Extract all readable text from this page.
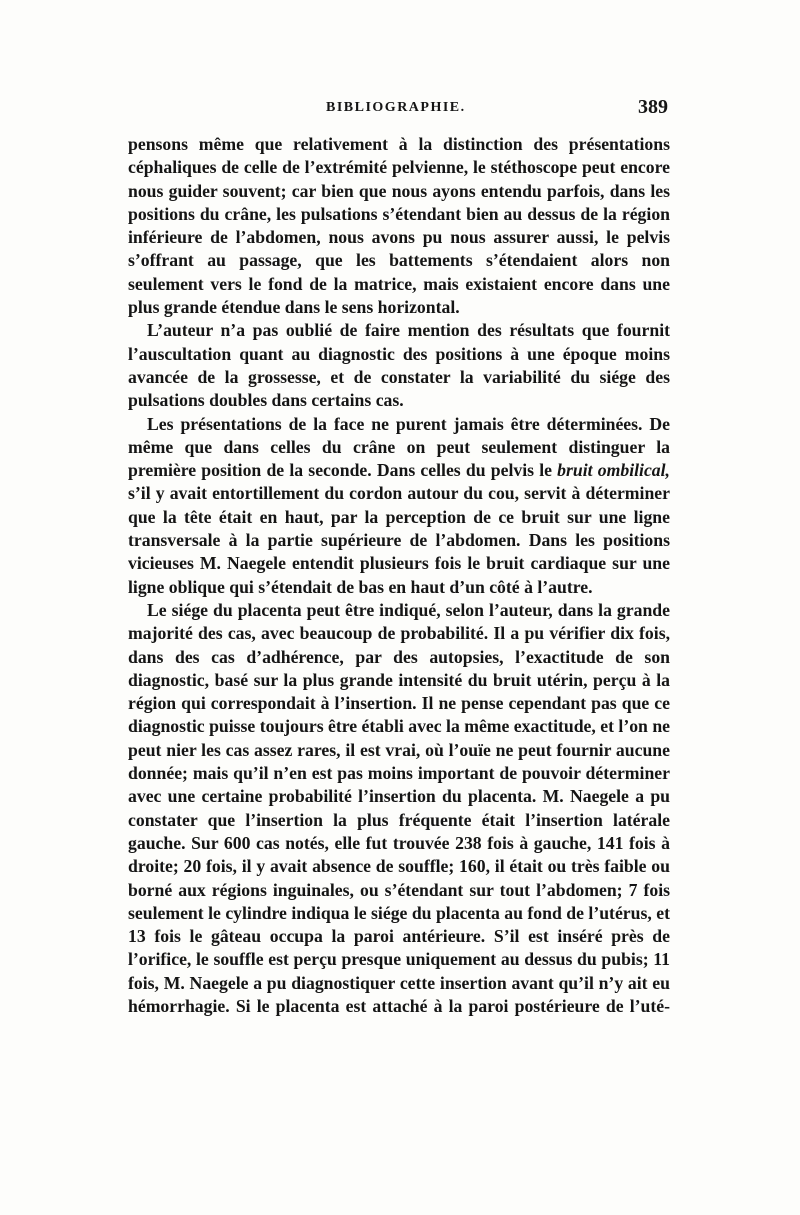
BIBLIOGRAPHIE.	389

pensons même que relativement à la distinction des présentations céphaliques de celle de l’extrémité pelvienne, le stéthoscope peut encore nous guider souvent; car bien que nous ayons entendu parfois, dans les positions du crâne, les pulsations s’étendant bien au dessus de la région inférieure de l’abdomen, nous avons pu nous assurer aussi, le pelvis s’offrant au passage, que les battements s’étendaient alors non seulement vers le fond de la matrice, mais existaient encore dans une plus grande étendue dans le sens horizontal.

L’auteur n’a pas oublié de faire mention des résultats que fournit l’auscultation quant au diagnostic des positions à une époque moins avancée de la grossesse, et de constater la variabilité du siége des pulsations doubles dans certains cas.

Les présentations de la face ne purent jamais être déterminées. De même que dans celles du crâne on peut seulement distinguer la première position de la seconde. Dans celles du pelvis le bruit ombilical, s’il y avait entortillement du cordon autour du cou, servit à déterminer que la tête était en haut, par la perception de ce bruit sur une ligne transversale à la partie supérieure de l’abdomen. Dans les positions vicieuses M. Naegele entendit plusieurs fois le bruit cardiaque sur une ligne oblique qui s’étendait de bas en haut d’un côté à l’autre.

Le siége du placenta peut être indiqué, selon l’auteur, dans la grande majorité des cas, avec beaucoup de probabilité. Il a pu vérifier dix fois, dans des cas d’adhérence, par des autopsies, l’exactitude de son diagnostic, basé sur la plus grande intensité du bruit utérin, perçu à la région qui correspondait à l’insertion. Il ne pense cependant pas que ce diagnostic puisse toujours être établi avec la même exactitude, et l’on ne peut nier les cas assez rares, il est vrai, où l’ouïe ne peut fournir aucune donnée; mais qu’il n’en est pas moins important de pouvoir déterminer avec une certaine probabilité l’insertion du placenta. M. Naegele a pu constater que l’insertion la plus fréquente était l’insertion latérale gauche. Sur 600 cas notés, elle fut trouvée 238 fois à gauche, 141 fois à droite; 20 fois, il y avait absence de souffle; 160, il était ou très faible ou borné aux régions inguinales, ou s’étendant sur tout l’abdomen; 7 fois seulement le cylindre indiqua le siége du placenta au fond de l’utérus, et 13 fois le gâteau occupa la paroi antérieure. S’il est inséré près de l’orifice, le souffle est perçu presque uniquement au dessus du pubis; 11 fois, M. Naegele a pu diagnostiquer cette insertion avant qu’il n’y ait eu hémorrhagie. Si le placenta est attaché à la paroi postérieure de l’uté-
